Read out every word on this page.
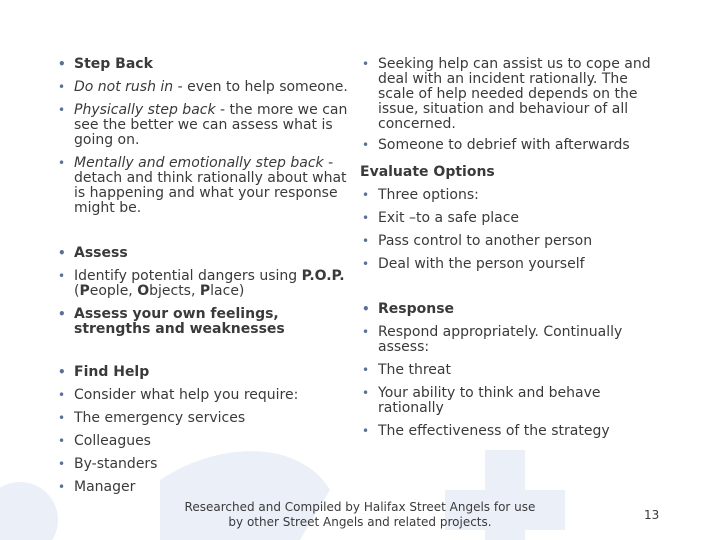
• Step Back
• Do not rush in - even to help someone.
• Physically step back - the more we can see the better we can assess what is going on.
• Mentally and emotionally step back - detach and think rationally about what is happening and what your response might be.
• Assess
• Identify potential dangers using P.O.P. (People, Objects, Place)
• Assess your own feelings, strengths and weaknesses
• Find Help
• Consider what help you require:
• The emergency services
• Colleagues
• By-standers
• Manager
• Seeking help can assist us to cope and deal with an incident rationally. The scale of help needed depends on the issue, situation and behaviour of all concerned.
• Someone to debrief with afterwards
Evaluate Options
• Three options:
• Exit –to a safe place
• Pass control to another person
• Deal with the person yourself
• Response
• Respond appropriately. Continually assess:
• The threat
• Your ability to think and behave rationally
• The effectiveness of the strategy
Researched and Compiled by Halifax Street Angels for use by other Street Angels and related projects.	13
